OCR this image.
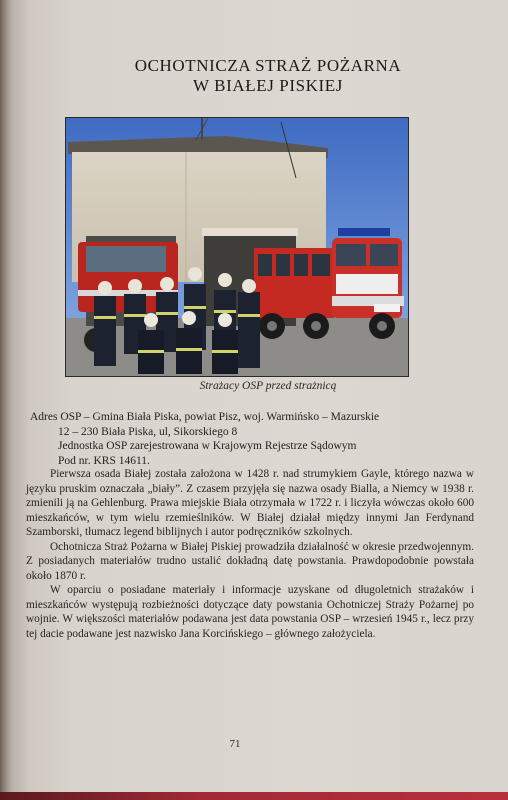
OCHOTNICZA STRAŻ POŻARNA
W BIAŁEJ PISKIEJ
Strażacy OSP przed strażnicą
Adres OSP – Gmina Biała Piska, powiat Pisz, woj. Warmińsko – Mazurskie
12 – 230 Biała Piska, ul, Sikorskiego 8
Jednostka OSP zarejestrowana w Krajowym Rejestrze Sądowym
Pod nr. KRS 14611.

Pierwsza osada Białej została założona w 1428 r. nad strumykiem Gayle, którego nazwa w języku pruskim oznaczała „biały”. Z czasem przyjęła się nazwa osady Bialla, a Niemcy w 1938 r. zmienili ją na Gehlenburg. Prawa miejskie Biała otrzymała w 1722 r. i liczyła wówczas około 600 mieszkańców, w tym wielu rzemieślników. W Białej działał między innymi Jan Ferdynand Szamborski, tłumacz legend biblijnych i autor podręczników szkolnych.

Ochotnicza Straż Pożarna w Białej Piskiej prowadziła działalność w okresie przedwojennym. Z posiadanych materiałów trudno ustalić dokładną datę powstania. Prawdopodobnie powstała około 1870 r.

W oparciu o posiadane materiały i informacje uzyskane od długoletnich strażaków i mieszkańców występują rozbieżności dotyczące daty powstania Ochotniczej Straży Pożarnej po wojnie. W większości materiałów podawana jest data powstania OSP – wrzesień 1945 r., lecz przy tej dacie podawane jest nazwisko Jana Korcińskiego – głównego założyciela.

71
